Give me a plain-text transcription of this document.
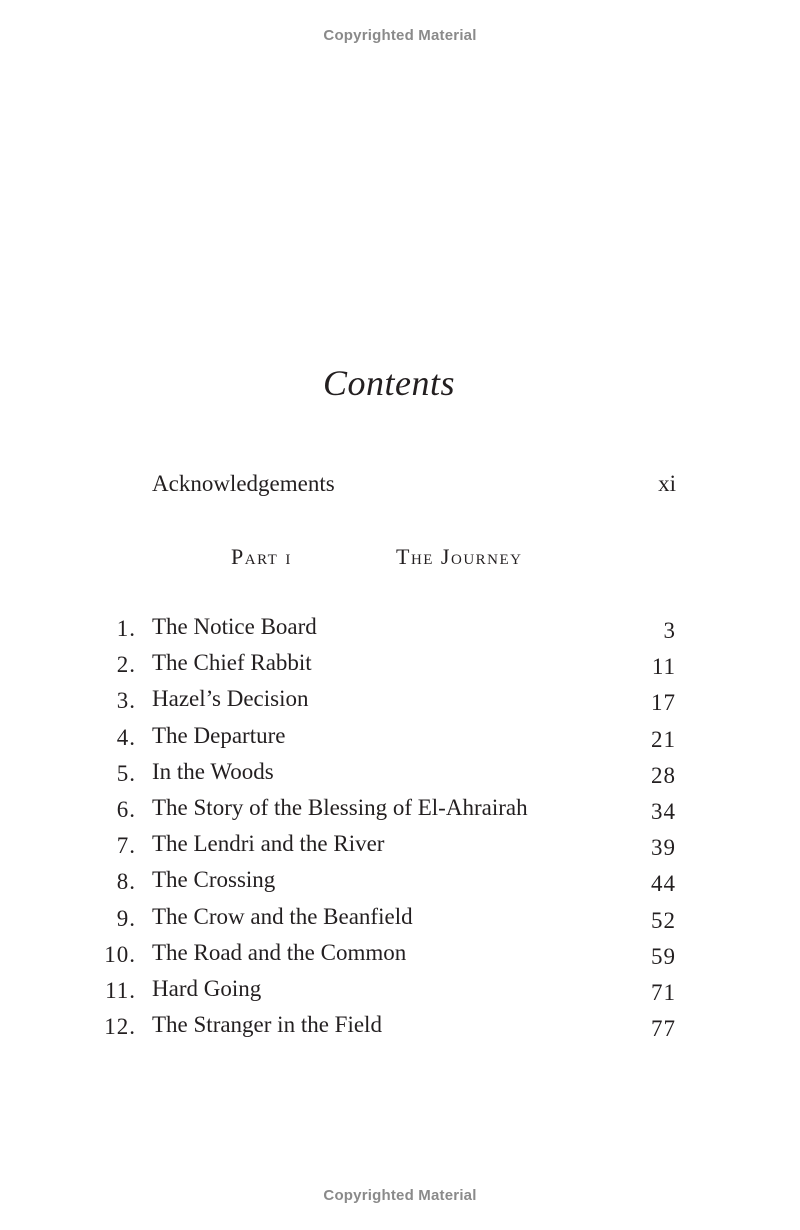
Copyrighted Material
Contents
Acknowledgements	xi
Part i	The Journey
1. The Notice Board	3
2. The Chief Rabbit	11
3. Hazel’s Decision	17
4. The Departure	21
5. In the Woods	28
6. The Story of the Blessing of El-Ahrairah	34
7. The Lendri and the River	39
8. The Crossing	44
9. The Crow and the Beanfield	52
10. The Road and the Common	59
11. Hard Going	71
12. The Stranger in the Field	77
Copyrighted Material
